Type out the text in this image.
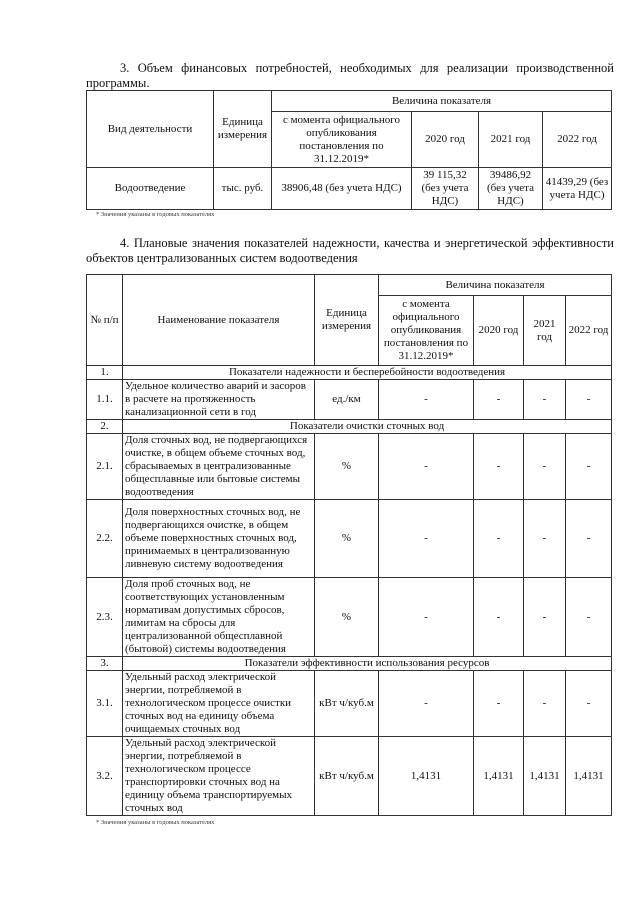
3. Объем финансовых потребностей, необходимых для реализации производственной программы.
Вид деятельности	Единица измерения	Величина показателя			
		с момента официального опубликования постановления по 31.12.2019*	2020 год	2021 год	2022 год
Водоотведение	тыс. руб.	38906,48 (без учета НДС)	39 115,32 (без учета НДС)	39486,92 (без учета НДС)	41439,29 (без учета НДС)
* Значения указаны в годовых показателях
4. Плановые значения показателей надежности, качества и энергетической эффективности объектов централизованных систем водоотведения
№ п/п	Наименование показателя	Единица измерения	Величина показателя			
			с момента официального опубликования постановления по 31.12.2019*	2020 год	2021 год	2022 год
1.	Показатели надежности и бесперебойности водоотведения					
1.1.	Удельное количество аварий и засоров в расчете на протяженность канализационной сети в год	ед./км	-	-	-	-
2.	Показатели очистки сточных вод					
2.1.	Доля сточных вод, не подвергающихся очистке, в общем объеме сточных вод, сбрасываемых в централизованные общесплавные или бытовые системы водоотведения	%	-	-	-	-
2.2.	Доля поверхностных сточных вод, не подвергающихся очистке, в общем объеме поверхностных сточных вод, принимаемых в централизованную ливневую систему водоотведения	%	-	-	-	-
2.3.	Доля проб сточных вод, не соответствующих установленным нормативам допустимых сбросов, лимитам на сбросы для централизованной общесплавной (бытовой) системы водоотведения	%	-	-	-	-
3.	Показатели эффективности использования ресурсов					
3.1.	Удельный расход электрической энергии, потребляемой в технологическом процессе очистки сточных вод на единицу объема очищаемых сточных вод	кВт ч/куб.м	-	-	-	-
3.2.	Удельный расход электрической энергии, потребляемой в технологическом процессе транспортировки сточных вод на единицу объема транспортируемых сточных вод	кВт ч/куб.м	1,4131	1,4131	1,4131	1,4131
* Значения указаны в годовых показателях
